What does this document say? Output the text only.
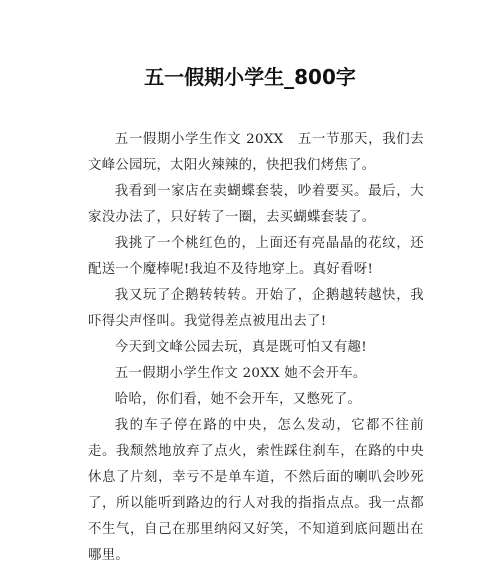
五一假期小学生_800字

五一假期小学生作文 20XX　五一节那天，我们去文峰公园玩，太阳火辣辣的，快把我们烤焦了。

我看到一家店在卖蝴蝶套装，吵着要买。最后，大家没办法了，只好转了一圈，去买蝴蝶套装了。

我挑了一个桃红色的，上面还有亮晶晶的花纹，还配送一个魔棒呢!我迫不及待地穿上。真好看呀!

我又玩了企鹅转转转。开始了，企鹅越转越快，我吓得尖声怪叫。我觉得差点被甩出去了!

今天到文峰公园去玩，真是既可怕又有趣!

五一假期小学生作文 20XX 她不会开车。

哈哈，你们看，她不会开车，又憋死了。

我的车子停在路的中央，怎么发动，它都不往前走。我颓然地放弃了点火，索性踩住刹车，在路的中央休息了片刻，幸亏不是单车道，不然后面的喇叭会吵死了，所以能听到路边的行人对我的指指点点。我一点都不生气，自己在那里纳闷又好笑，不知道到底问题出在哪里。
